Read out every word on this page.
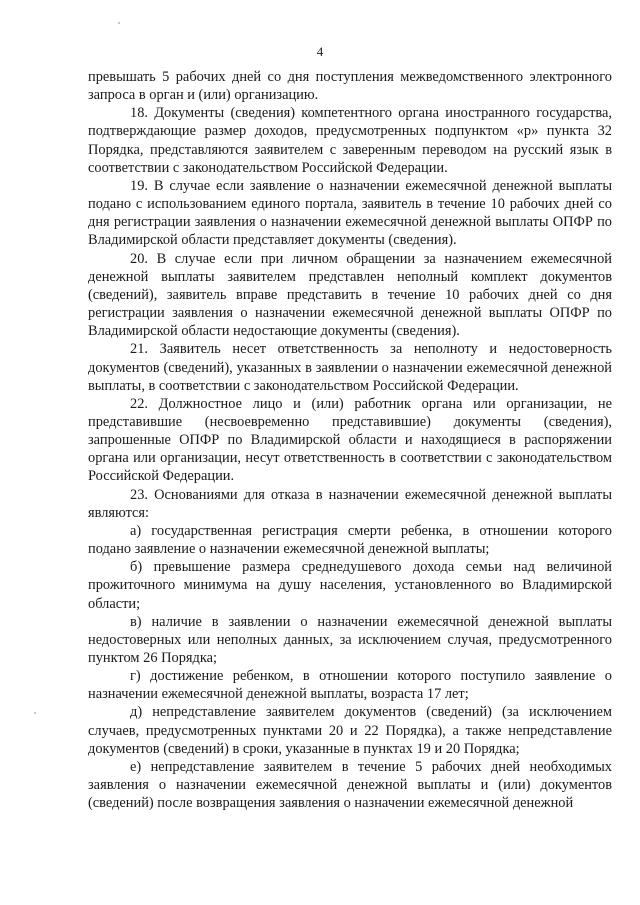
4

превышать 5 рабочих дней со дня поступления межведомственного электронного запроса в орган и (или) организацию.

18. Документы (сведения) компетентного органа иностранного государства, подтверждающие размер доходов, предусмотренных подпунктом «р» пункта 32 Порядка, представляются заявителем с заверенным переводом на русский язык в соответствии с законодательством Российской Федерации.

19. В случае если заявление о назначении ежемесячной денежной выплаты подано с использованием единого портала, заявитель в течение 10 рабочих дней со дня регистрации заявления о назначении ежемесячной денежной выплаты ОПФР по Владимирской области представляет документы (сведения).

20. В случае если при личном обращении за назначением ежемесячной денежной выплаты заявителем представлен неполный комплект документов (сведений), заявитель вправе представить в течение 10 рабочих дней со дня регистрации заявления о назначении ежемесячной денежной выплаты ОПФР по Владимирской области недостающие документы (сведения).

21. Заявитель несет ответственность за неполноту и недостоверность документов (сведений), указанных в заявлении о назначении ежемесячной денежной выплаты, в соответствии с законодательством Российской Федерации.

22. Должностное лицо и (или) работник органа или организации, не представившие (несвоевременно представившие) документы (сведения), запрошенные ОПФР по Владимирской области и находящиеся в распоряжении органа или организации, несут ответственность в соответствии с законодательством Российской Федерации.

23. Основаниями для отказа в назначении ежемесячной денежной выплаты являются:

а) государственная регистрация смерти ребенка, в отношении которого подано заявление о назначении ежемесячной денежной выплаты;

б) превышение размера среднедушевого дохода семьи над величиной прожиточного минимума на душу населения, установленного во Владимирской области;

в) наличие в заявлении о назначении ежемесячной денежной выплаты недостоверных или неполных данных, за исключением случая, предусмотренного пунктом 26 Порядка;

г) достижение ребенком, в отношении которого поступило заявление о назначении ежемесячной денежной выплаты, возраста 17 лет;

д) непредставление заявителем документов (сведений) (за исключением случаев, предусмотренных пунктами 20 и 22 Порядка), а также непредставление документов (сведений) в сроки, указанные в пунктах 19 и 20 Порядка;

е) непредставление заявителем в течение 5 рабочих дней необходимых заявления о назначении ежемесячной денежной выплаты и (или) документов (сведений) после возвращения заявления о назначении ежемесячной денежной
